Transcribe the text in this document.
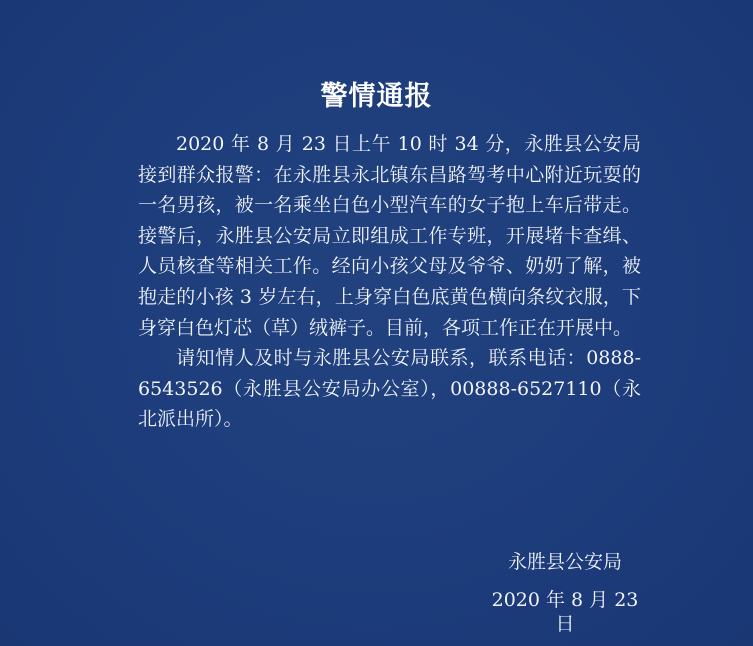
警情通报

2020 年 8 月 23 日上午 10 时 34 分，永胜县公安局接到群众报警：在永胜县永北镇东昌路驾考中心附近玩耍的一名男孩，被一名乘坐白色小型汽车的女子抱上车后带走。接警后，永胜县公安局立即组成工作专班，开展堵卡查缉、人员核查等相关工作。经向小孩父母及爷爷、奶奶了解，被抱走的小孩 3 岁左右，上身穿白色底黄色横向条纹衣服，下身穿白色灯芯（草）绒裤子。目前，各项工作正在开展中。

请知情人及时与永胜县公安局联系，联系电话：0888-6543526（永胜县公安局办公室），00888-6527110（永北派出所）。

永胜县公安局
2020 年 8 月 23 日
